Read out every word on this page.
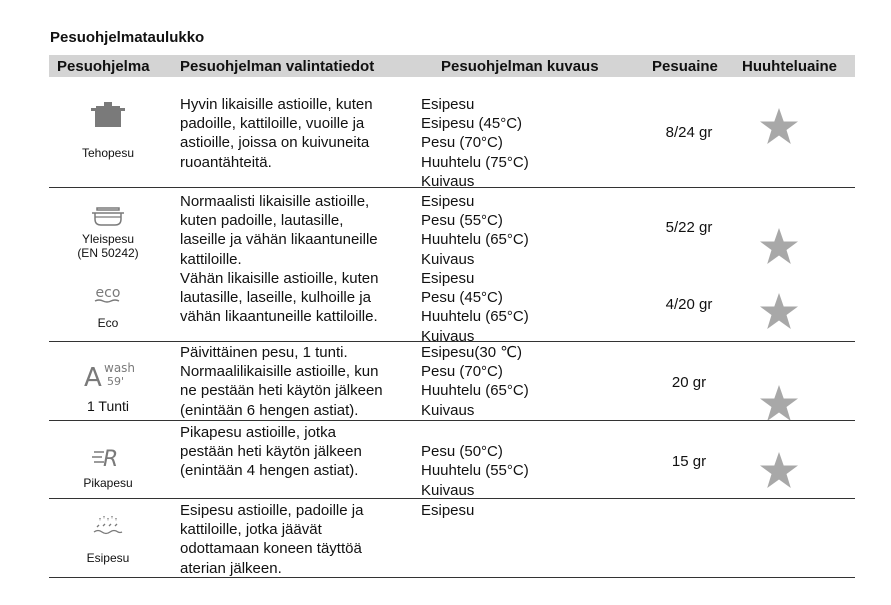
Pesuohjelmataulukko
Pesuohjelma Pesuohjelman valintatiedot	Pesuohjelman kuvaus	Pesuaine Huuhteluaine
Tehopesu
Hyvin likaisille astioille, kuten
padoille, kattiloille, vuoille ja
astioille, joissa on kuivuneita
ruoantähteitä.
Esipesu
Esipesu (45°C)
Pesu (70°C)
Huuhtelu (75°C)
Kuivaus
8/24 gr
Yleispesu
(EN 50242)
Normaalisti likaisille astioille,
kuten padoille, lautasille,
laseille ja vähän likaantuneille
kattiloille.
Esipesu
Pesu (55°C)
Huuhtelu (65°C)
Kuivaus
5/22 gr
eco
Eco
Vähän likaisille astioille, kuten
lautasille, laseille, kulhoille ja
vähän likaantuneille kattiloille.
Esipesu
Pesu (45°C)
Huuhtelu (65°C)
Kuivaus
4/20 gr
A wash
59'
1 Tunti
Päivittäinen pesu, 1 tunti.
Normaalilikaisille astioille, kun
ne pestään heti käytön jälkeen
(enintään 6 hengen astiat).
Esipesu(30 ℃)
Pesu (70°C)
Huuhtelu (65°C)
Kuivaus
20 gr
R
Pikapesu
Pikapesu astioille, jotka
pestään heti käytön jälkeen
(enintään 4 hengen astiat).
Pesu (50°C)
Huuhtelu (55°C)
Kuivaus
15 gr
Esipesu
Esipesu astioille, padoille ja
kattiloille, jotka jäävät
odottamaan koneen täyttöä
aterian jälkeen.
Esipesu
